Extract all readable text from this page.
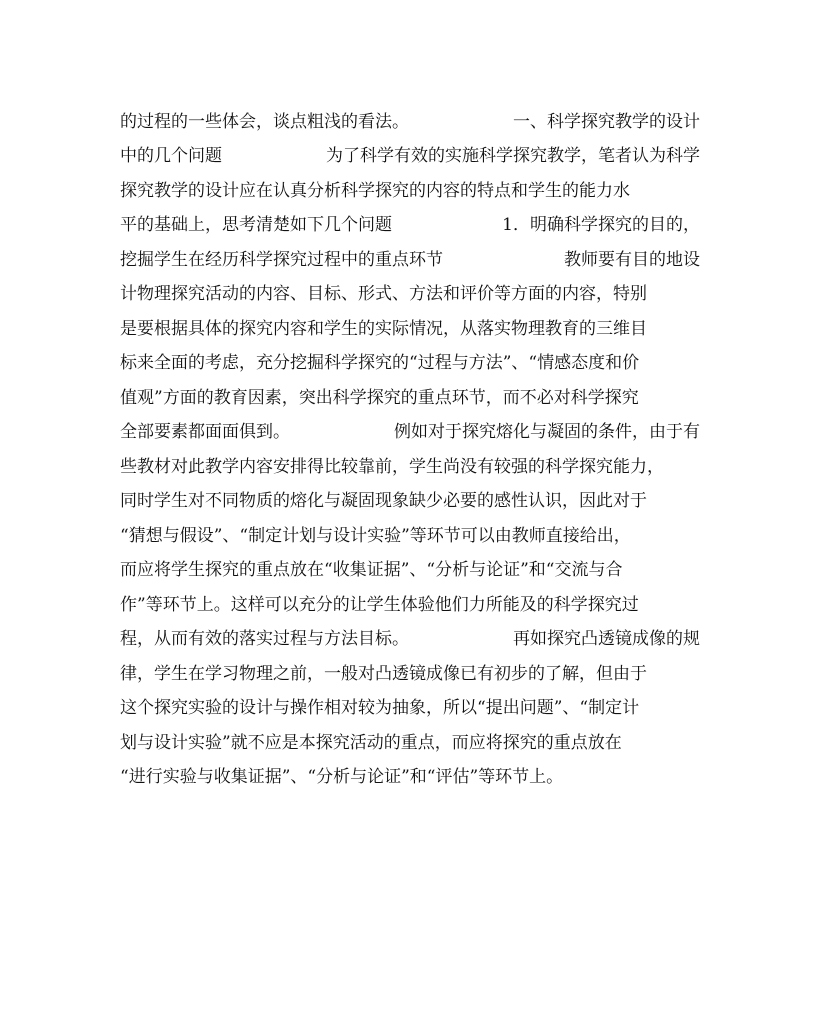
的过程的一些体会，谈点粗浅的看法。	一、科学探究教学的设计
中的几个问题	为了科学有效的实施科学探究教学，笔者认为科学
探究教学的设计应在认真分析科学探究的内容的特点和学生的能力水
平的基础上，思考清楚如下几个问题	1．明确科学探究的目的，
挖掘学生在经历科学探究过程中的重点环节	教师要有目的地设
计物理探究活动的内容、目标、形式、方法和评价等方面的内容，特别
是要根据具体的探究内容和学生的实际情况，从落实物理教育的三维目
标来全面的考虑，充分挖掘科学探究的“过程与方法”、“情感态度和价
值观”方面的教育因素，突出科学探究的重点环节，而不必对科学探究
全部要素都面面俱到。	例如对于探究熔化与凝固的条件，由于有
些教材对此教学内容安排得比较靠前，学生尚没有较强的科学探究能力，
同时学生对不同物质的熔化与凝固现象缺少必要的感性认识，因此对于
“猜想与假设”、“制定计划与设计实验”等环节可以由教师直接给出，
而应将学生探究的重点放在“收集证据”、“分析与论证”和“交流与合
作”等环节上。这样可以充分的让学生体验他们力所能及的科学探究过
程，从而有效的落实过程与方法目标。	再如探究凸透镜成像的规
律，学生在学习物理之前，一般对凸透镜成像已有初步的了解，但由于
这个探究实验的设计与操作相对较为抽象，所以“提出问题”、“制定计
划与设计实验”就不应是本探究活动的重点，而应将探究的重点放在
“进行实验与收集证据”、“分析与论证”和“评估”等环节上。
